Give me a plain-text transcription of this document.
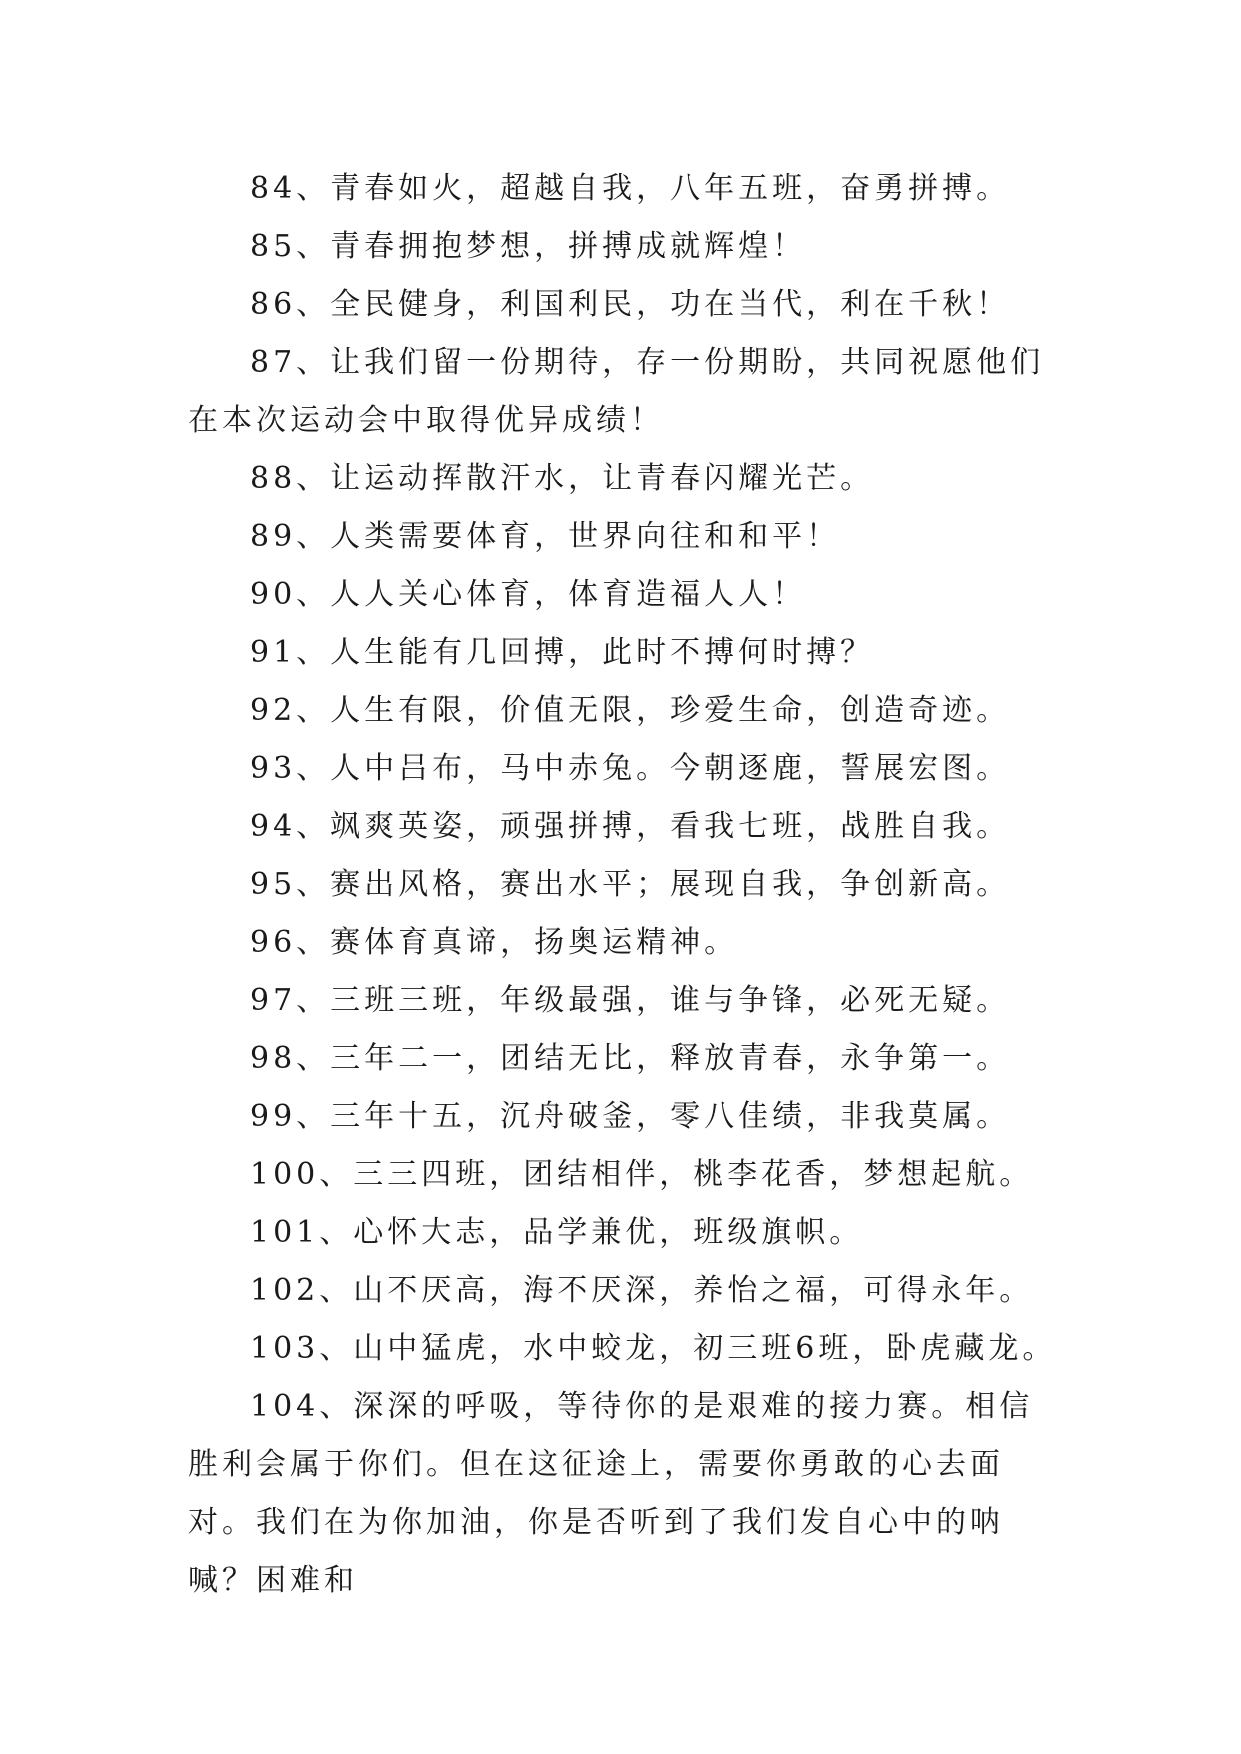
84、青春如火，超越自我，八年五班，奋勇拼搏。

85、青春拥抱梦想，拼搏成就辉煌！

86、全民健身，利国利民，功在当代，利在千秋！

87、让我们留一份期待，存一份期盼，共同祝愿他们在本次运动会中取得优异成绩！

88、让运动挥散汗水，让青春闪耀光芒。

89、人类需要体育，世界向往和和平！

90、人人关心体育，体育造福人人！

91、人生能有几回搏，此时不搏何时搏？

92、人生有限，价值无限，珍爱生命，创造奇迹。

93、人中吕布，马中赤兔。今朝逐鹿，誓展宏图。

94、飒爽英姿，顽强拼搏，看我七班，战胜自我。

95、赛出风格，赛出水平；展现自我，争创新高。

96、赛体育真谛，扬奥运精神。

97、三班三班，年级最强，谁与争锋，必死无疑。

98、三年二一，团结无比，释放青春，永争第一。

99、三年十五，沉舟破釜，零八佳绩，非我莫属。

100、三三四班，团结相伴，桃李花香，梦想起航。

101、心怀大志，品学兼优，班级旗帜。

102、山不厌高，海不厌深，养怡之福，可得永年。

103、山中猛虎，水中蛟龙，初三班6班，卧虎藏龙。

104、深深的呼吸，等待你的是艰难的接力赛。相信胜利会属于你们。但在这征途上，需要你勇敢的心去面对。我们在为你加油，你是否听到了我们发自心中的呐喊？困难和
